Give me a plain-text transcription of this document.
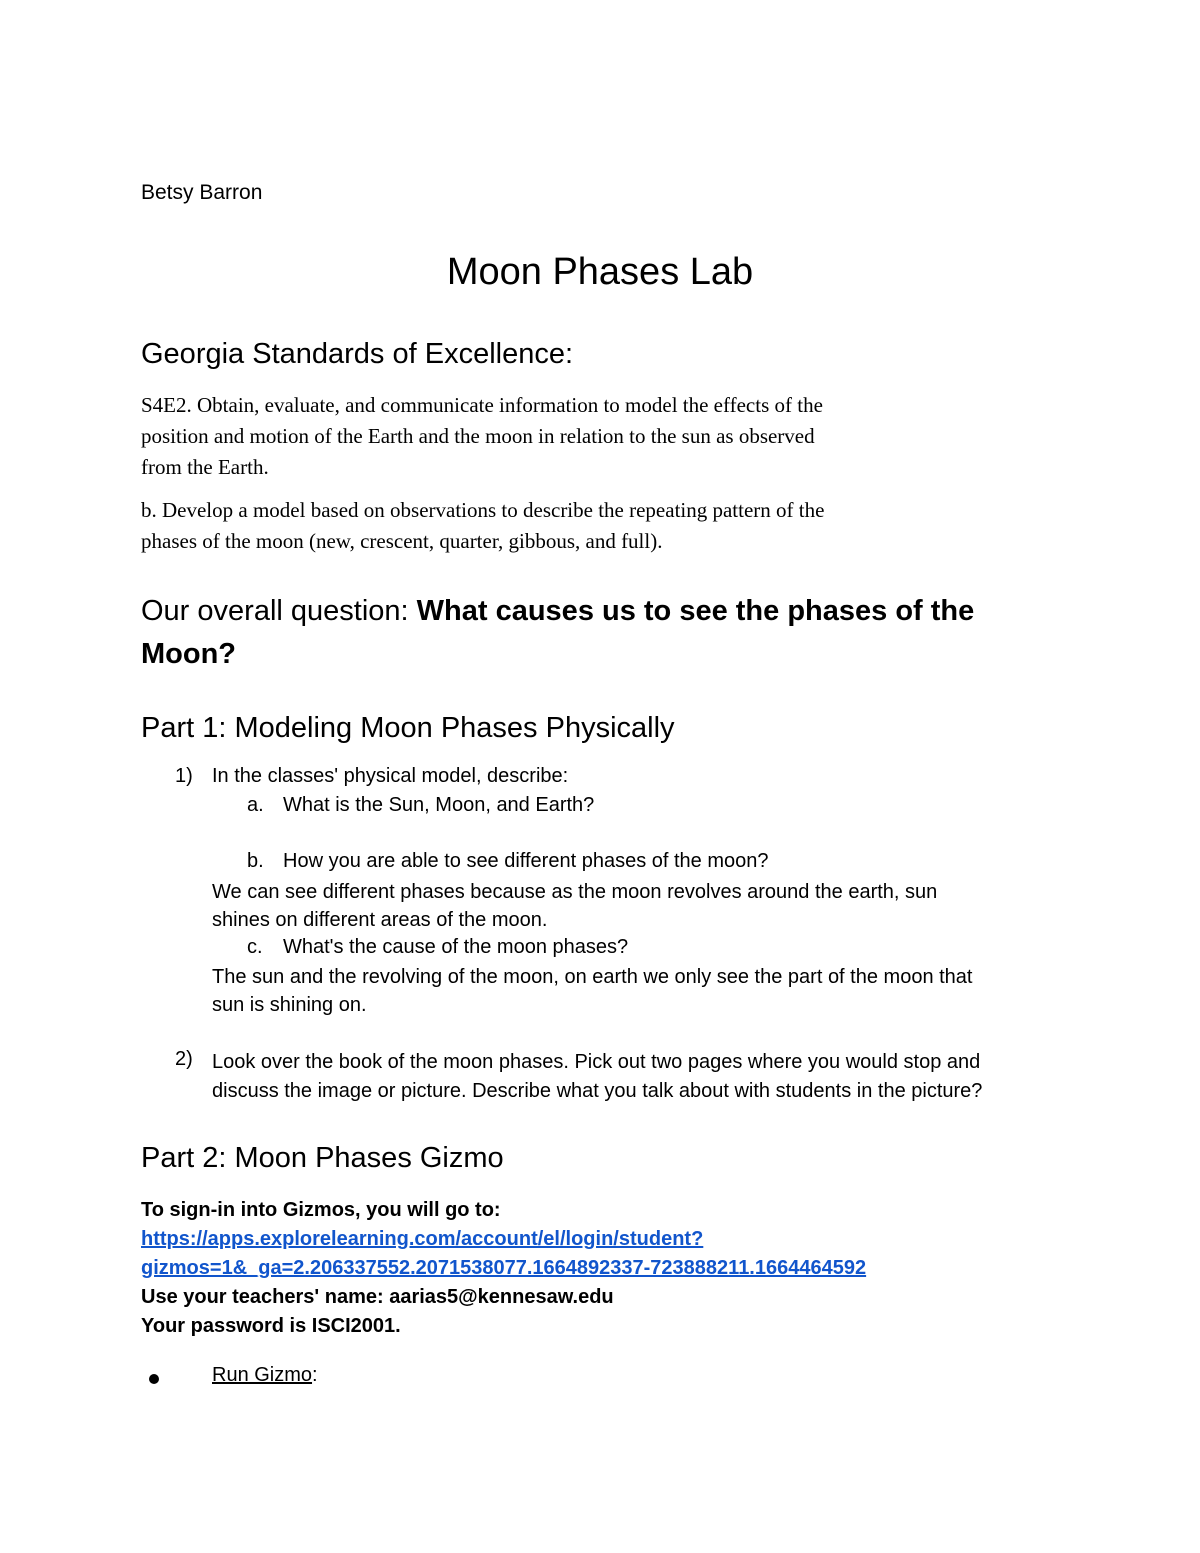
Betsy Barron

Moon Phases Lab
Georgia Standards of Excellence:
S4E2. Obtain, evaluate, and communicate information to model the effects of the
position and motion of the Earth and the moon in relation to the sun as observed
from the Earth.
b. Develop a model based on observations to describe the repeating pattern of the
phases of the moon (new, crescent, quarter, gibbous, and full).
Our overall question: What causes us to see the phases of the
Moon?
Part 1: Modeling Moon Phases Physically
1) In the classes' physical model, describe:
a. What is the Sun, Moon, and Earth?
b. How you are able to see different phases of the moon?
We can see different phases because as the moon revolves around the earth, sun
shines on different areas of the moon.
c. What's the cause of the moon phases?
The sun and the revolving of the moon, on earth we only see the part of the moon that
sun is shining on.
2) Look over the book of the moon phases. Pick out two pages where you would stop and
discuss the image or picture. Describe what you talk about with students in the picture?
Part 2: Moon Phases Gizmo
To sign-in into Gizmos, you will go to:
https://apps.explorelearning.com/account/el/login/student?
gizmos=1&_ga=2.206337552.2071538077.1664892337-723888211.1664464592
Use your teachers' name: aarias5@kennesaw.edu
Your password is ISCI2001.
Run Gizmo:
